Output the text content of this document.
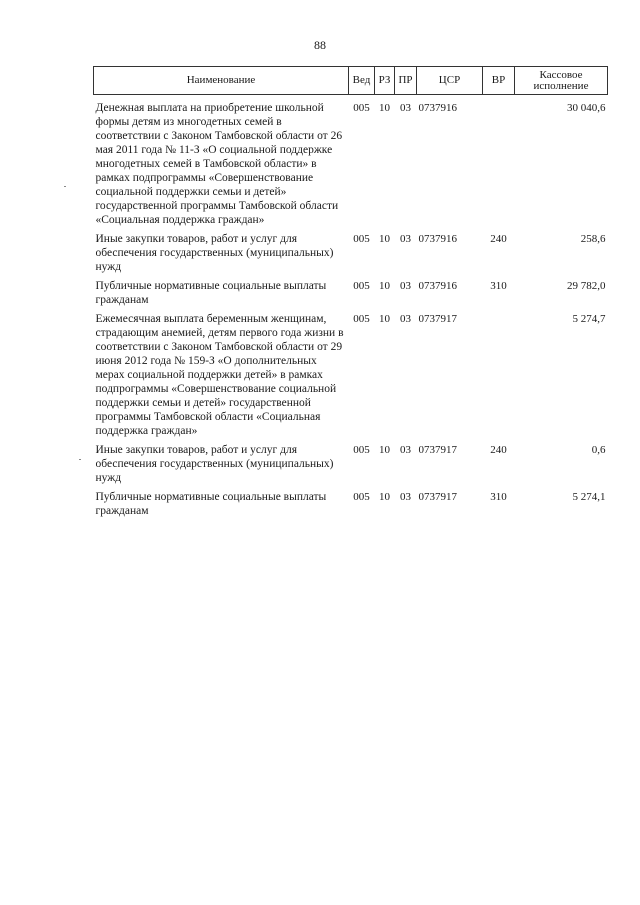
88
Наименование	Вед	РЗ	ПР	ЦСР	ВР	Кассовое исполнение

Денежная выплата на приобретение школьной формы детям из многодетных семей в соответствии с Законом Тамбовской области от 26 мая 2011 года № 11-З «О социальной поддержке многодетных семей в Тамбовской области» в рамках подпрограммы «Совершенствование социальной поддержки семьи и детей» государственной программы Тамбовской области «Социальная поддержка граждан»	005	10	03	0737916		30 040,6
Иные закупки товаров, работ и услуг для обеспечения государственных (муниципальных) нужд	005	10	03	0737916	240	258,6
Публичные нормативные социальные выплаты гражданам	005	10	03	0737916	310	29 782,0
Ежемесячная выплата беременным женщинам, страдающим анемией, детям первого года жизни в соответствии с Законом Тамбовской области от 29 июня 2012 года № 159-З «О дополнительных мерах социальной поддержки детей» в рамках подпрограммы «Совершенствование социальной поддержки семьи и детей» государственной программы Тамбовской области «Социальная поддержка граждан»	005	10	03	0737917		5 274,7
Иные закупки товаров, работ и услуг для обеспечения государственных (муниципальных) нужд	005	10	03	0737917	240	0,6
Публичные нормативные социальные выплаты гражданам	005	10	03	0737917	310	5 274,1
